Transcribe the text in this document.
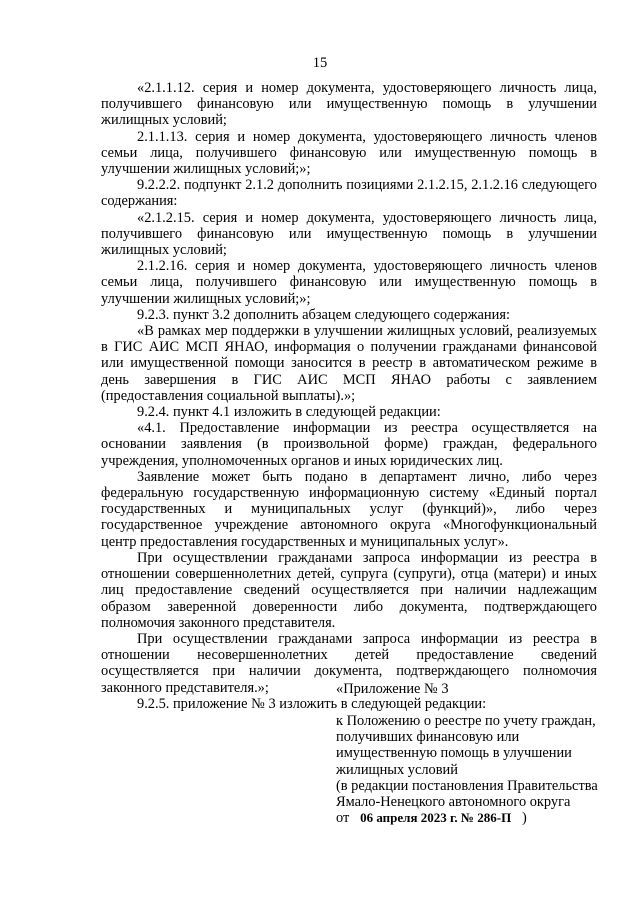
15

«2.1.1.12. серия и номер документа, удостоверяющего личность лица, получившего финансовую или имущественную помощь в улучшении жилищных условий;

2.1.1.13. серия и номер документа, удостоверяющего личность членов семьи лица, получившего финансовую или имущественную помощь в улучшении жилищных условий;»;

9.2.2.2. подпункт 2.1.2 дополнить позициями 2.1.2.15, 2.1.2.16 следующего содержания:

«2.1.2.15. серия и номер документа, удостоверяющего личность лица, получившего финансовую или имущественную помощь в улучшении жилищных условий;

2.1.2.16. серия и номер документа, удостоверяющего личность членов семьи лица, получившего финансовую или имущественную помощь в улучшении жилищных условий;»;

9.2.3. пункт 3.2 дополнить абзацем следующего содержания:

«В рамках мер поддержки в улучшении жилищных условий, реализуемых в ГИС АИС МСП ЯНАО, информация о получении гражданами финансовой или имущественной помощи заносится в реестр в автоматическом режиме в день завершения в ГИС АИС МСП ЯНАО работы с заявлением (предоставления социальной выплаты).»;

9.2.4. пункт 4.1 изложить в следующей редакции:

«4.1. Предоставление информации из реестра осуществляется на основании заявления (в произвольной форме) граждан, федерального учреждения, уполномоченных органов и иных юридических лиц.

Заявление может быть подано в департамент лично, либо через федеральную государственную информационную систему «Единый портал государственных и муниципальных услуг (функций)», либо через государственное учреждение автономного округа «Многофункциональный центр предоставления государственных и муниципальных услуг».

При осуществлении гражданами запроса информации из реестра в отношении совершеннолетних детей, супруга (супруги), отца (матери) и иных лиц предоставление сведений осуществляется при наличии надлежащим образом заверенной доверенности либо документа, подтверждающего полномочия законного представителя.

При осуществлении гражданами запроса информации из реестра в отношении несовершеннолетних детей предоставление сведений осуществляется при наличии документа, подтверждающего полномочия законного представителя.»;

9.2.5. приложение № 3 изложить в следующей редакции:

«Приложение № 3
к Положению о реестре по учету граждан,
получивших финансовую или
имущественную помощь в улучшении
жилищных условий
(в редакции постановления Правительства
Ямало-Ненецкого автономного округа
от 06 апреля 2023 г. № 286-П )
